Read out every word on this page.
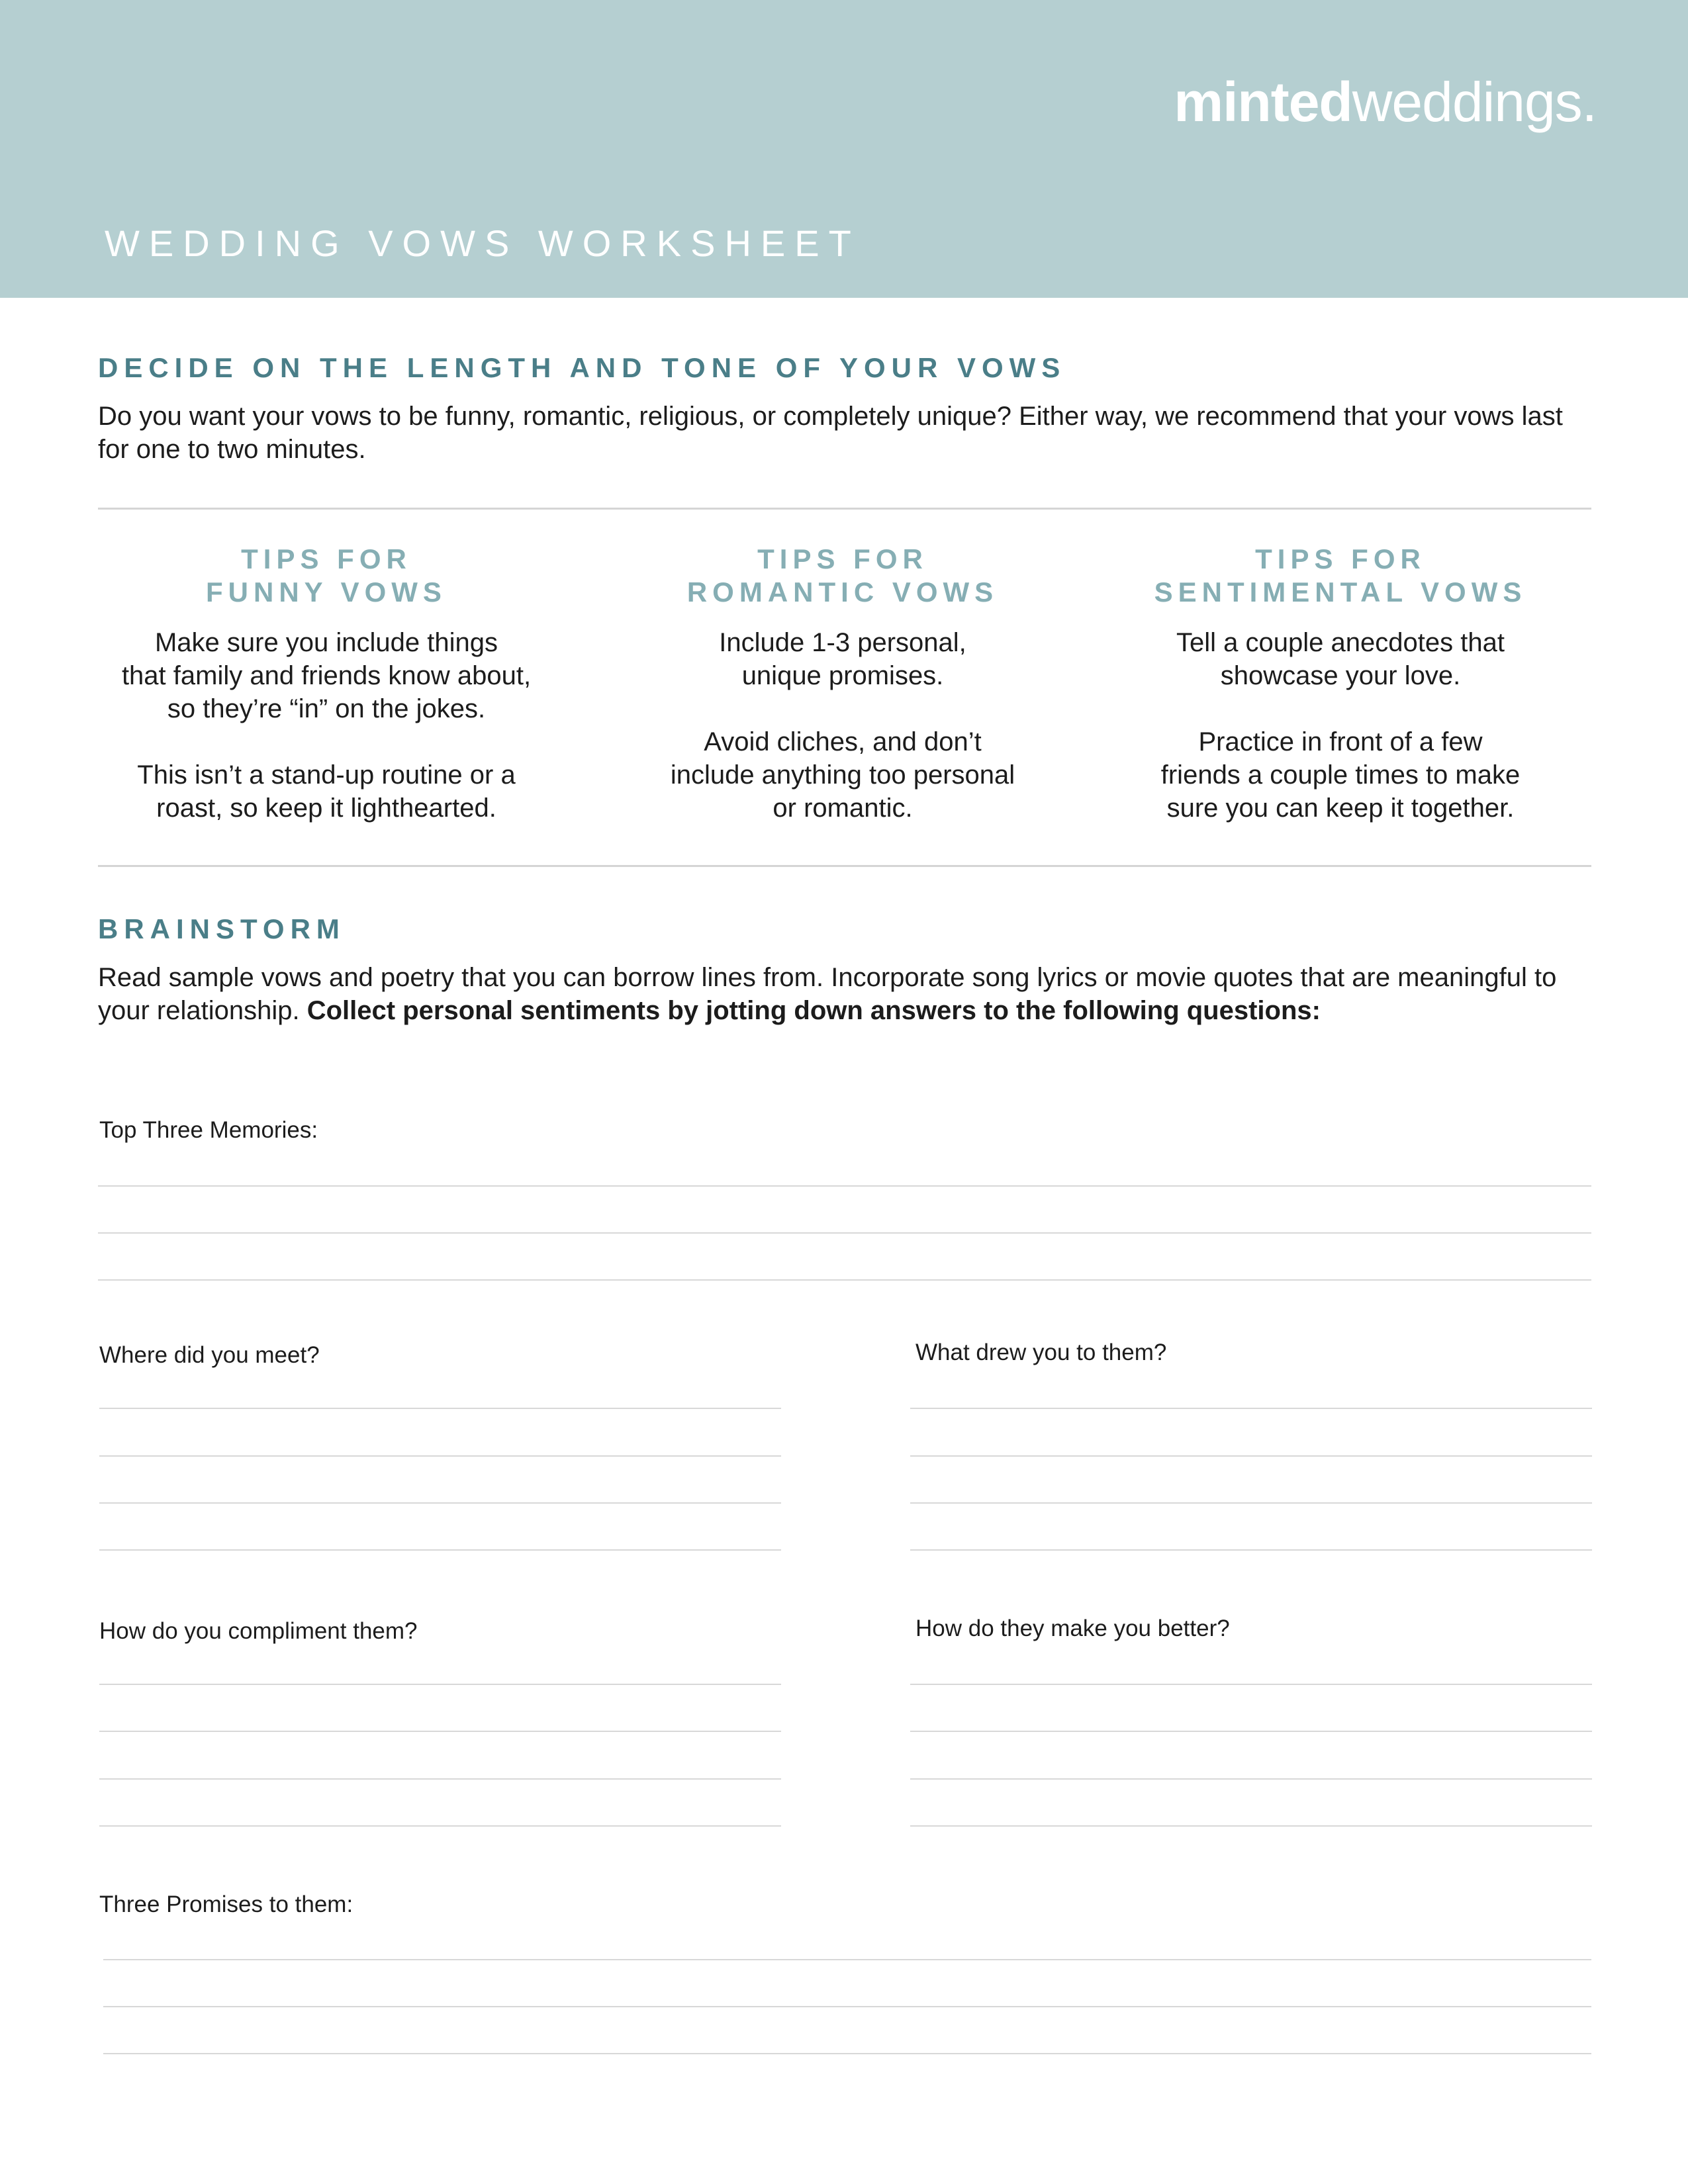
mintedweddings.
WEDDING VOWS WORKSHEET
DECIDE ON THE LENGTH AND TONE OF YOUR VOWS
Do you want your vows to be funny, romantic, religious, or completely unique? Either way, we recommend that your vows last for one to two minutes.
TIPS FOR
FUNNY VOWS

Make sure you include things
that family and friends know about,
so they’re “in” on the jokes.

This isn’t a stand-up routine or a
roast, so keep it lighthearted.

TIPS FOR
ROMANTIC VOWS

Include 1-3 personal,
unique promises.

Avoid cliches, and don’t
include anything too personal
or romantic.

TIPS FOR
SENTIMENTAL VOWS

Tell a couple anecdotes that
showcase your love.

Practice in front of a few
friends a couple times to make
sure you can keep it together.

BRAINSTORM
Read sample vows and poetry that you can borrow lines from. Incorporate song lyrics or movie quotes that are meaningful to your relationship. Collect personal sentiments by jotting down answers to the following questions:
Top Three Memories:
Where did you meet?	What drew you to them?
How do you compliment them?	How do they make you better?
Three Promises to them:
